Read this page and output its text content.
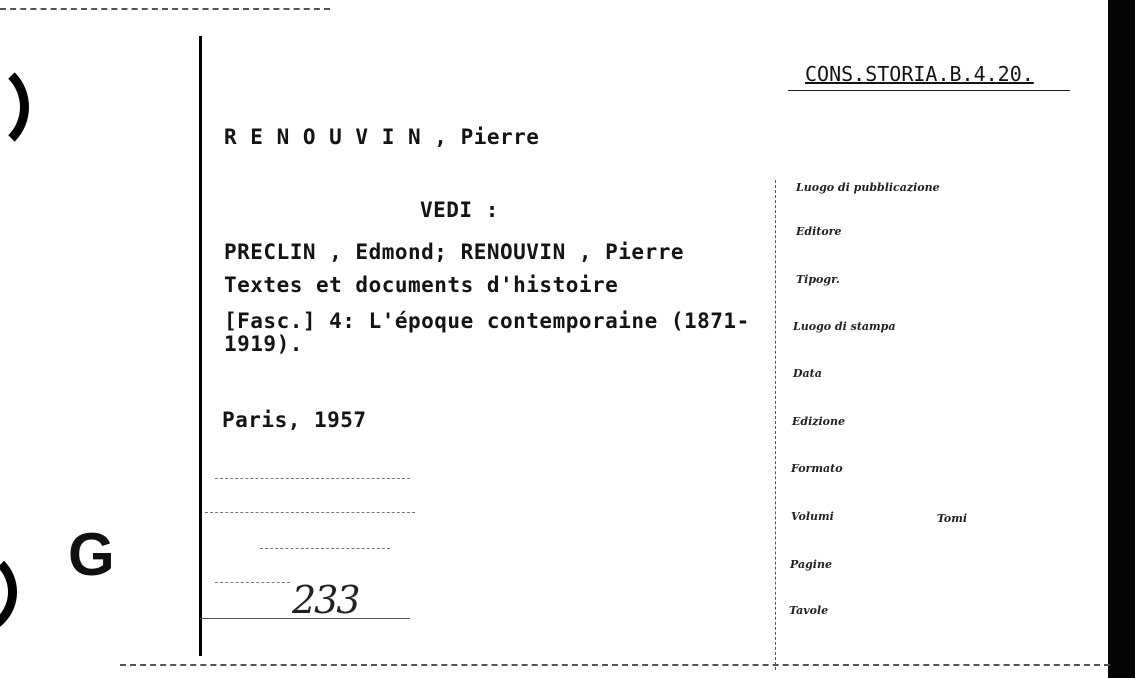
G
CONS.STORIA.B.4.20.
R E N O U V I N , Pierre
VEDI :
PRECLIN , Edmond; RENOUVIN , Pierre
Textes et documents d'histoire
[Fasc.] 4: L'époque contemporaine (1871-
1919).
Paris, 1957
233
Luogo di pubblicazione
Editore
Tipogr.
Luogo di stampa
Data
Edizione
Formato
Volumi	Tomi
Pagine
Tavole
